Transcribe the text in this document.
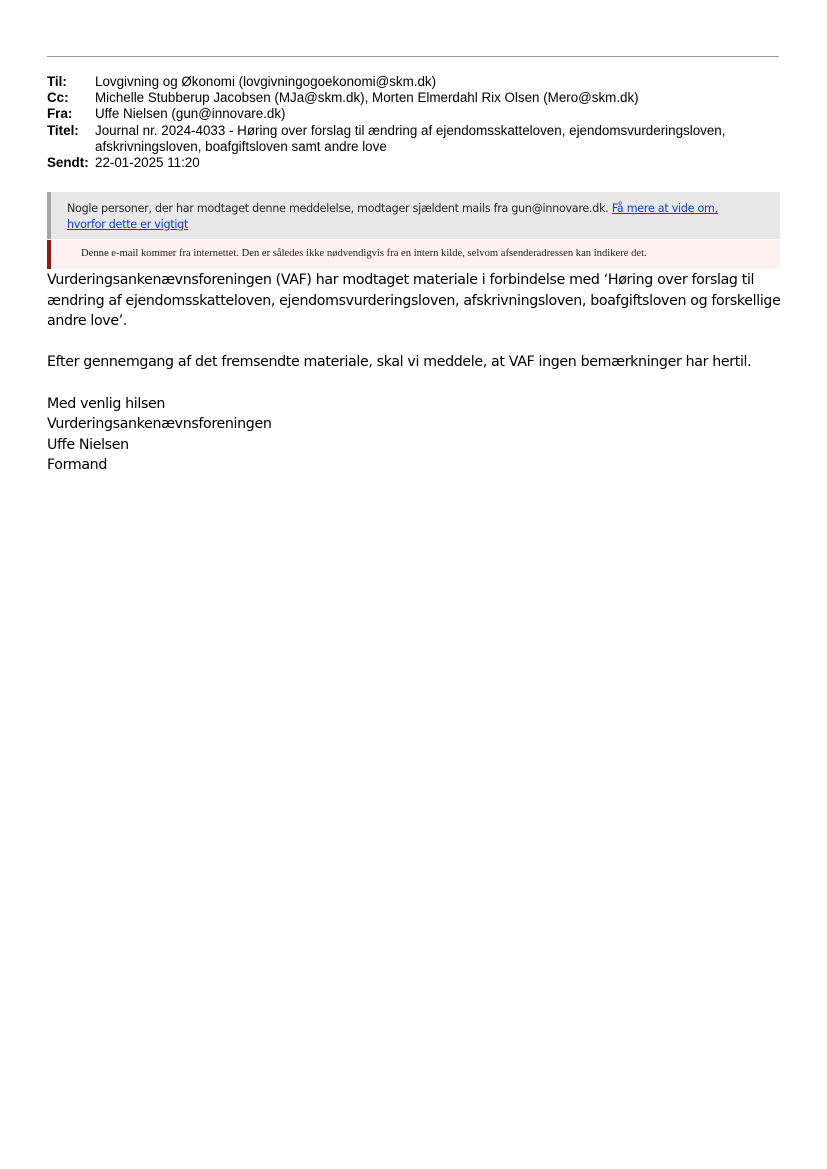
Til:	Lovgivning og Økonomi (lovgivningogoekonomi@skm.dk)
Cc:	Michelle Stubberup Jacobsen (MJa@skm.dk), Morten Elmerdahl Rix Olsen (Mero@skm.dk)
Fra:	Uffe Nielsen (gun@innovare.dk)
Titel:	Journal nr. 2024-4033 - Høring over forslag til ændring af ejendomsskatteloven, ejendomsvurderingsloven,
afskrivningsloven, boafgiftsloven samt andre love
Sendt: 22-01-2025 11:20
Nogle personer, der har modtaget denne meddelelse, modtager sjældent mails fra gun@innovare.dk. Få mere at vide om,
hvorfor dette er vigtigt
Denne e-mail kommer fra internettet. Den er således ikke nødvendigvis fra en intern kilde, selvom afsenderadressen kan indikere det.

Vurderingsankenævnsforeningen (VAF) har modtaget materiale i forbindelse med ‘Høring over forslag til

ændring af ejendomsskatteloven, ejendomsvurderingsloven, afskrivningsloven, boafgiftsloven og forskellige

andre love’.

Efter gennemgang af det fremsendte materiale, skal vi meddele, at VAF ingen bemærkninger har hertil.

Med venlig hilsen

Vurderingsankenævnsforeningen

Uffe Nielsen

Formand
